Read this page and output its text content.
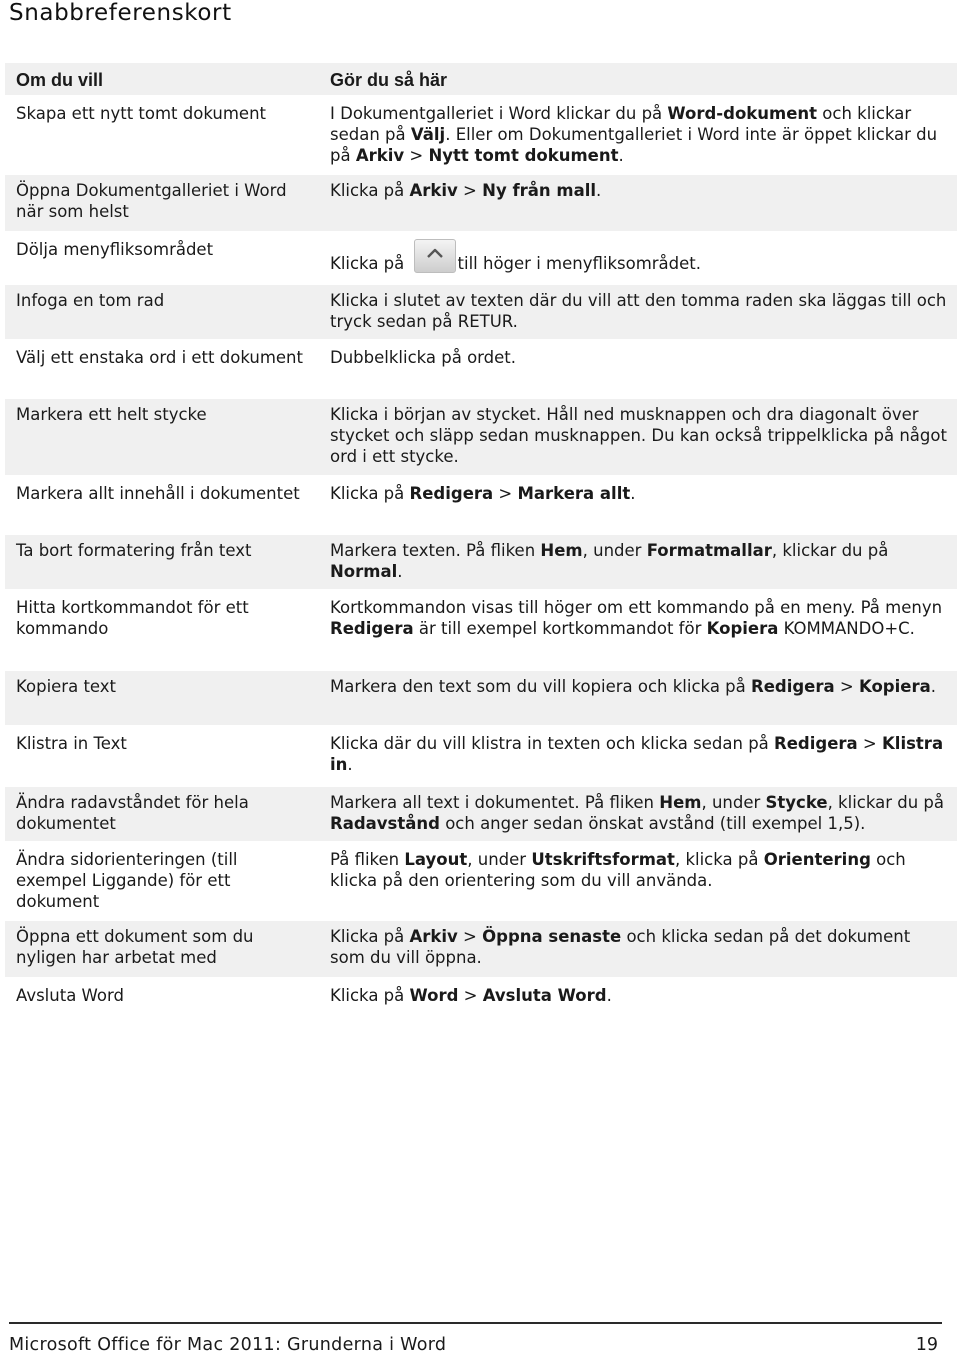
Snabbreferenskort
Om du vill	Gör du så här
Skapa ett nytt tomt dokument	I Dokumentgalleriet i Word klickar du på Word-dokument och klickar sedan på Välj. Eller om Dokumentgalleriet i Word inte är öppet klickar du på Arkiv > Nytt tomt dokument.
Öppna Dokumentgalleriet i Word när som helst	Klicka på Arkiv > Ny från mall.
Dölja menyfliksområdet	Klicka på till höger i menyfliksområdet.
Infoga en tom rad	Klicka i slutet av texten där du vill att den tomma raden ska läggas till och tryck sedan på RETUR.
Välj ett enstaka ord i ett dokument	Dubbelklicka på ordet.
Markera ett helt stycke	Klicka i början av stycket. Håll ned musknappen och dra diagonalt över stycket och släpp sedan musknappen. Du kan också trippelklicka på något ord i ett stycke.
Markera allt innehåll i dokumentet	Klicka på Redigera > Markera allt.
Ta bort formatering från text	Markera texten. På fliken Hem, under Formatmallar, klickar du på Normal.
Hitta kortkommandot för ett kommando	Kortkommandon visas till höger om ett kommando på en meny. På menyn Redigera är till exempel kortkommandot för Kopiera KOMMANDO+C.
Kopiera text	Markera den text som du vill kopiera och klicka på Redigera > Kopiera.
Klistra in Text	Klicka där du vill klistra in texten och klicka sedan på Redigera > Klistra in.
Ändra radavståndet för hela dokumentet	Markera all text i dokumentet. På fliken Hem, under Stycke, klickar du på Radavstånd och anger sedan önskat avstånd (till exempel 1,5).
Ändra sidorienteringen (till exempel Liggande) för ett dokument	På fliken Layout, under Utskriftsformat, klicka på Orientering och klicka på den orientering som du vill använda.
Öppna ett dokument som du nyligen har arbetat med	Klicka på Arkiv > Öppna senaste och klicka sedan på det dokument som du vill öppna.
Avsluta Word	Klicka på Word > Avsluta Word.
Microsoft Office för Mac 2011: Grunderna i Word	19
